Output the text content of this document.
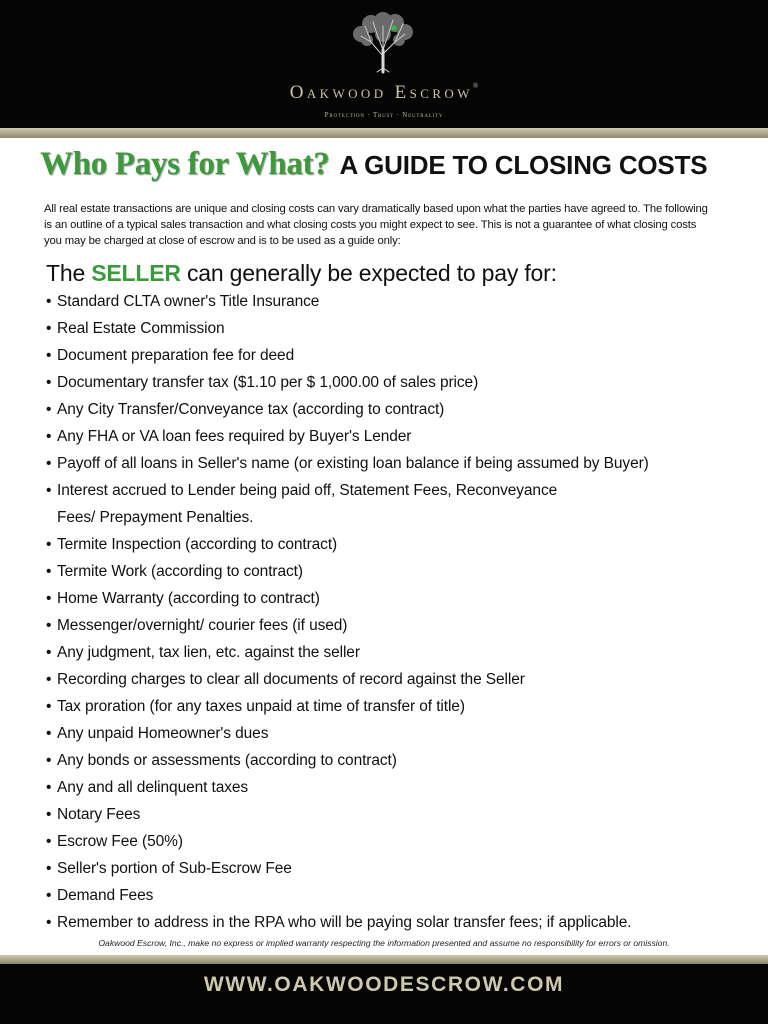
Oakwood Escrow®
Protection · Trust · Neutrality
Who Pays for What? A GUIDE TO CLOSING COSTS
All real estate transactions are unique and closing costs can vary dramatically based upon what the parties have agreed to. The following
is an outline of a typical sales transaction and what closing costs you might expect to see. This is not a guarantee of what closing costs
you may be charged at close of escrow and is to be used as a guide only:
The SELLER can generally be expected to pay for:
• Standard CLTA owner's Title Insurance
• Real Estate Commission
• Document preparation fee for deed
• Documentary transfer tax ($1.10 per $ 1,000.00 of sales price)
• Any City Transfer/Conveyance tax (according to contract)
• Any FHA or VA loan fees required by Buyer's Lender
• Payoff of all loans in Seller's name (or existing loan balance if being assumed by Buyer)
• Interest accrued to Lender being paid off, Statement Fees, Reconveyance
Fees/ Prepayment Penalties.
• Termite Inspection (according to contract)
• Termite Work (according to contract)
• Home Warranty (according to contract)
• Messenger/overnight/ courier fees (if used)
• Any judgment, tax lien, etc. against the seller
• Recording charges to clear all documents of record against the Seller
• Tax proration (for any taxes unpaid at time of transfer of title)
• Any unpaid Homeowner's dues
• Any bonds or assessments (according to contract)
• Any and all delinquent taxes
• Notary Fees
• Escrow Fee (50%)
• Seller's portion of Sub-Escrow Fee
• Demand Fees
• Remember to address in the RPA who will be paying solar transfer fees; if applicable.
Oakwood Escrow, Inc., make no express or implied warranty respecting the information presented and assume no responsibility for errors or omission.
WWW.OAKWOODESCROW.COM
